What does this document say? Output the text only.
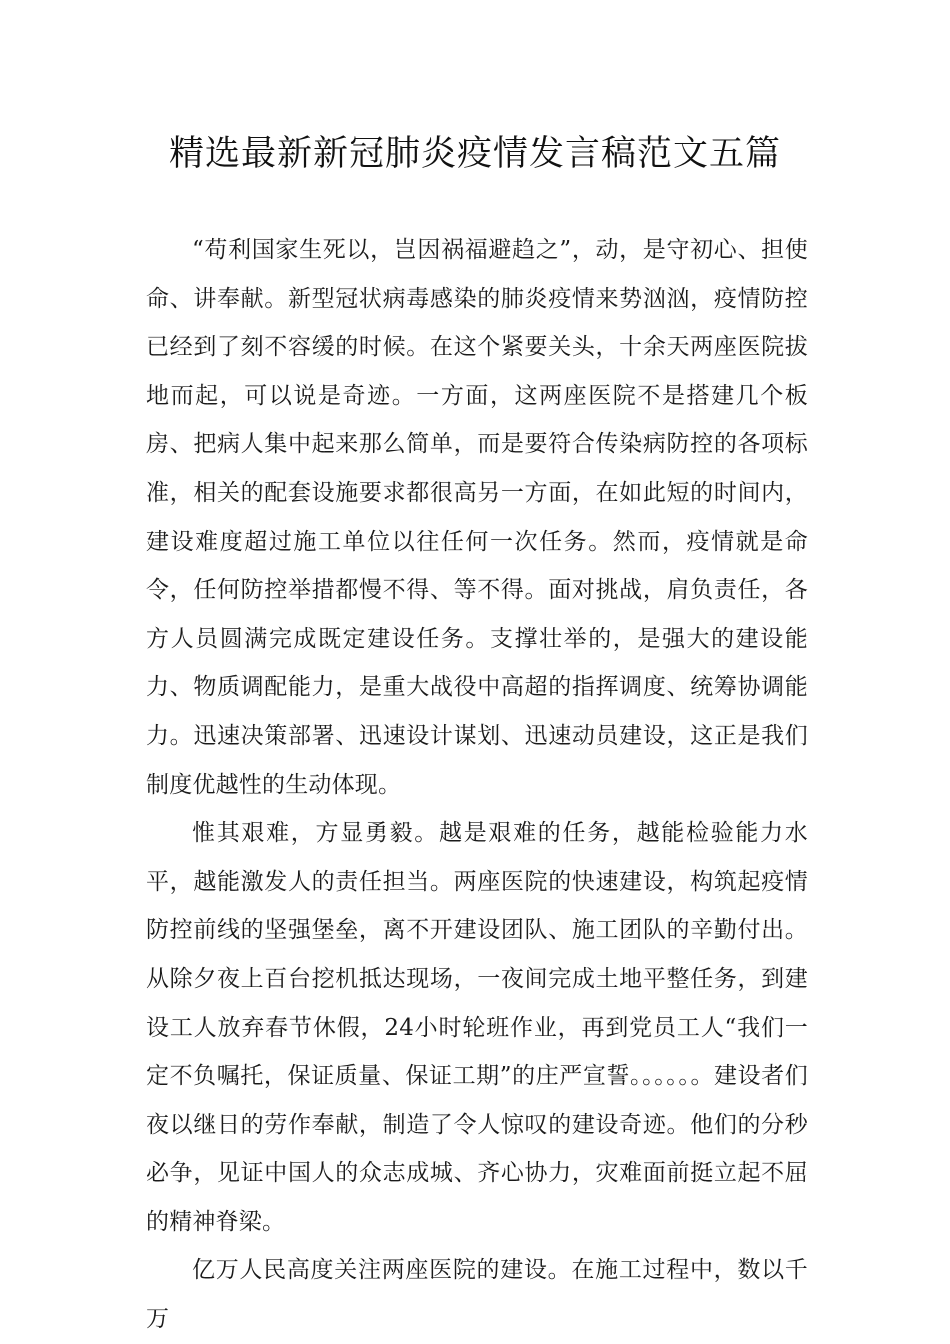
精选最新新冠肺炎疫情发言稿范文五篇

“苟利国家生死以，岂因祸福避趋之”，动，是守初心、担使命、讲奉献。新型冠状病毒感染的肺炎疫情来势汹汹，疫情防控已经到了刻不容缓的时候。在这个紧要关头，十余天两座医院拔地而起，可以说是奇迹。一方面，这两座医院不是搭建几个板房、把病人集中起来那么简单，而是要符合传染病防控的各项标准，相关的配套设施要求都很高另一方面，在如此短的时间内，建设难度超过施工单位以往任何一次任务。然而，疫情就是命令，任何防控举措都慢不得、等不得。面对挑战，肩负责任，各方人员圆满完成既定建设任务。支撑壮举的，是强大的建设能力、物质调配能力，是重大战役中高超的指挥调度、统筹协调能力。迅速决策部署、迅速设计谋划、迅速动员建设，这正是我们制度优越性的生动体现。

惟其艰难，方显勇毅。越是艰难的任务，越能检验能力水平，越能激发人的责任担当。两座医院的快速建设，构筑起疫情防控前线的坚强堡垒，离不开建设团队、施工团队的辛勤付出。从除夕夜上百台挖机抵达现场，一夜间完成土地平整任务，到建设工人放弃春节休假，24小时轮班作业，再到党员工人“我们一定不负嘱托，保证质量、保证工期”的庄严宣誓。。。。。。建设者们夜以继日的劳作奉献，制造了令人惊叹的建设奇迹。他们的分秒必争，见证中国人的众志成城、齐心协力，灾难面前挺立起不屈的精神脊梁。

亿万人民高度关注两座医院的建设。在施工过程中，数以千万
